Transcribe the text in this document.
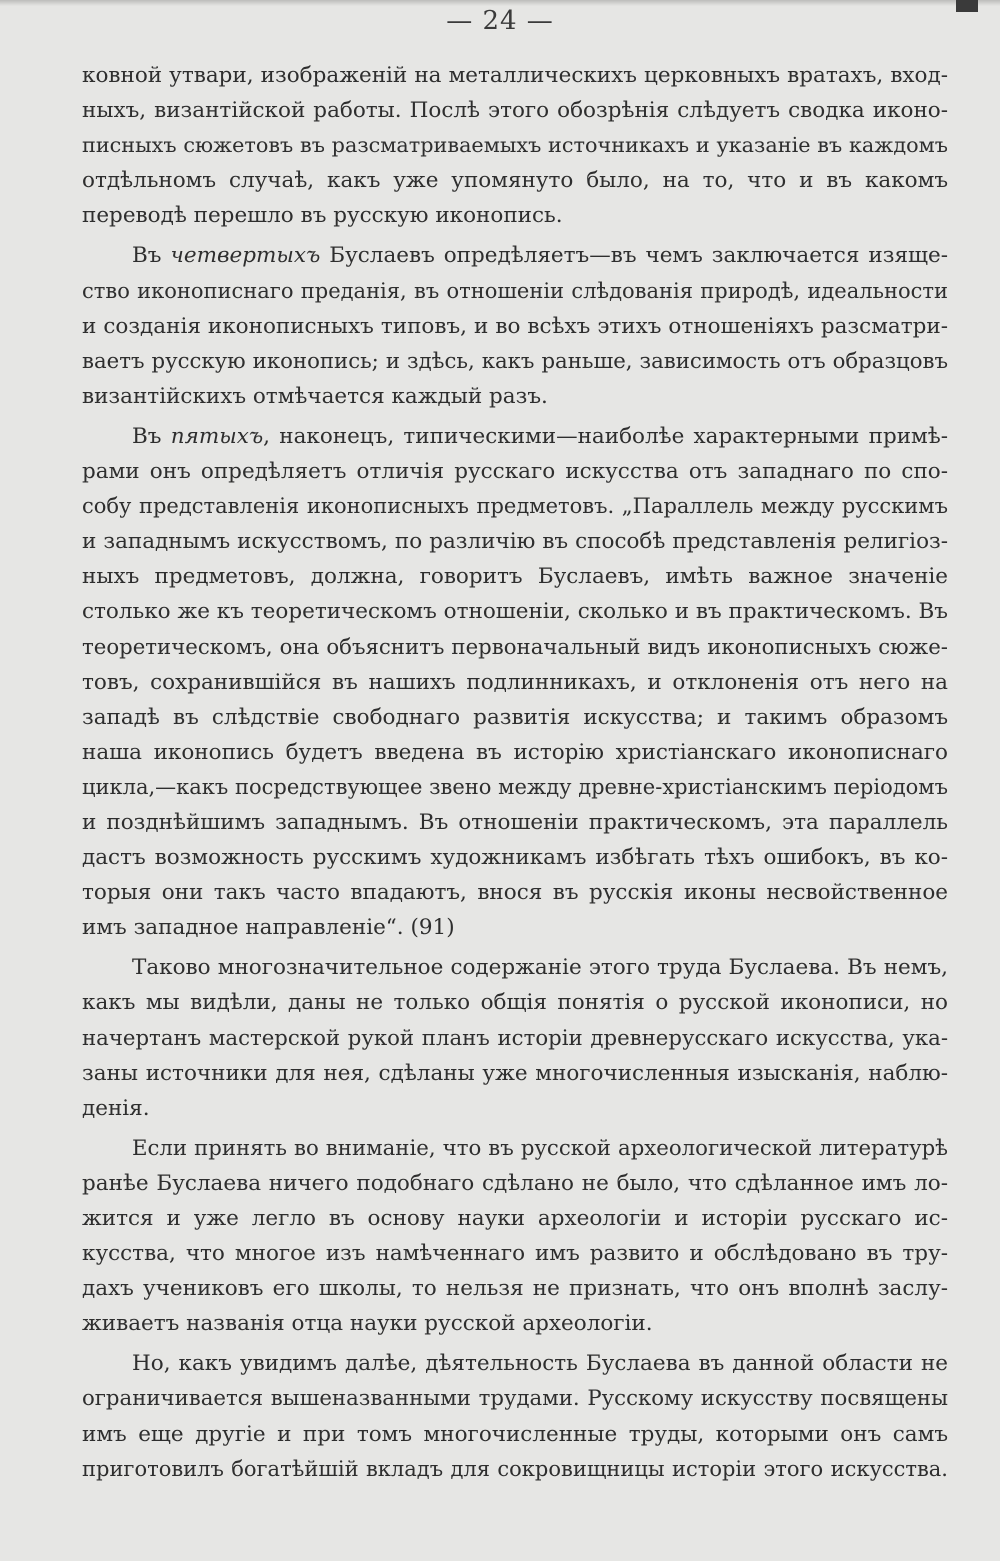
— 24 —
ковной утвари, изображеній на металлическихъ церковныхъ вратахъ, вход-
ныхъ, византійской работы. Послѣ этого обозрѣнія слѣдуетъ сводка иконо-
писныхъ сюжетовъ въ разсматриваемыхъ источникахъ и указаніе въ каждомъ
отдѣльномъ случаѣ, какъ уже упомянуто было, на то, что и въ какомъ
переводѣ перешло въ русскую иконопись.
Въ четвертыхъ Буслаевъ опредѣляетъ—въ чемъ заключается изяще-
ство иконописнаго преданія, въ отношеніи слѣдованія природѣ, идеальности
и созданія иконописныхъ типовъ, и во всѣхъ этихъ отношеніяхъ разсматри-
ваетъ русскую иконопись; и здѣсь, какъ раньше, зависимость отъ образцовъ
византійскихъ отмѣчается каждый разъ.
Въ пятыхъ, наконецъ, типическими—наиболѣе характерными примѣ-
рами онъ опредѣляетъ отличія русскаго искусства отъ западнаго по спо-
собу представленія иконописныхъ предметовъ. „Параллель между русскимъ
и западнымъ искусствомъ, по различію въ способѣ представленія религіоз-
ныхъ предметовъ, должна, говоритъ Буслаевъ, имѣть важное значеніе
столько же къ теоретическомъ отношеніи, сколько и въ практическомъ. Въ
теоретическомъ, она объяснитъ первоначальный видъ иконописныхъ сюже-
товъ, сохранившійся въ нашихъ подлинникахъ, и отклоненія отъ него на
западѣ въ слѣдствіе свободнаго развитія искусства; и такимъ образомъ
наша иконопись будетъ введена въ исторію христіанскаго иконописнаго
цикла,—какъ посредствующее звено между древне-христіанскимъ періодомъ
и позднѣйшимъ западнымъ. Въ отношеніи практическомъ, эта параллель
дастъ возможность русскимъ художникамъ избѣгать тѣхъ ошибокъ, въ ко-
торыя они такъ часто впадаютъ, внося въ русскія иконы несвойственное
имъ западное направленіе“. (91)
Таково многозначительное содержаніе этого труда Буслаева. Въ немъ,
какъ мы видѣли, даны не только общія понятія о русской иконописи, но
начертанъ мастерской рукой планъ исторіи древнерусскаго искусства, ука-
заны источники для нея, сдѣланы уже многочисленныя изысканія, наблю-
денія.
Если принять во вниманіе, что въ русской археологической литературѣ
ранѣе Буслаева ничего подобнаго сдѣлано не было, что сдѣланное имъ ло-
жится и уже легло въ основу науки археологіи и исторіи русскаго ис-
кусства, что многое изъ намѣченнаго имъ развито и обслѣдовано въ тру-
дахъ учениковъ его школы, то нельзя не признать, что онъ вполнѣ заслу-
живаетъ названія отца науки русской археологіи.
Но, какъ увидимъ далѣе, дѣятельность Буслаева въ данной области не
ограничивается вышеназванными трудами. Русскому искусству посвящены
имъ еще другіе и при томъ многочисленные труды, которыми онъ самъ
приготовилъ богатѣйшій вкладъ для сокровищницы исторіи этого искусства.
